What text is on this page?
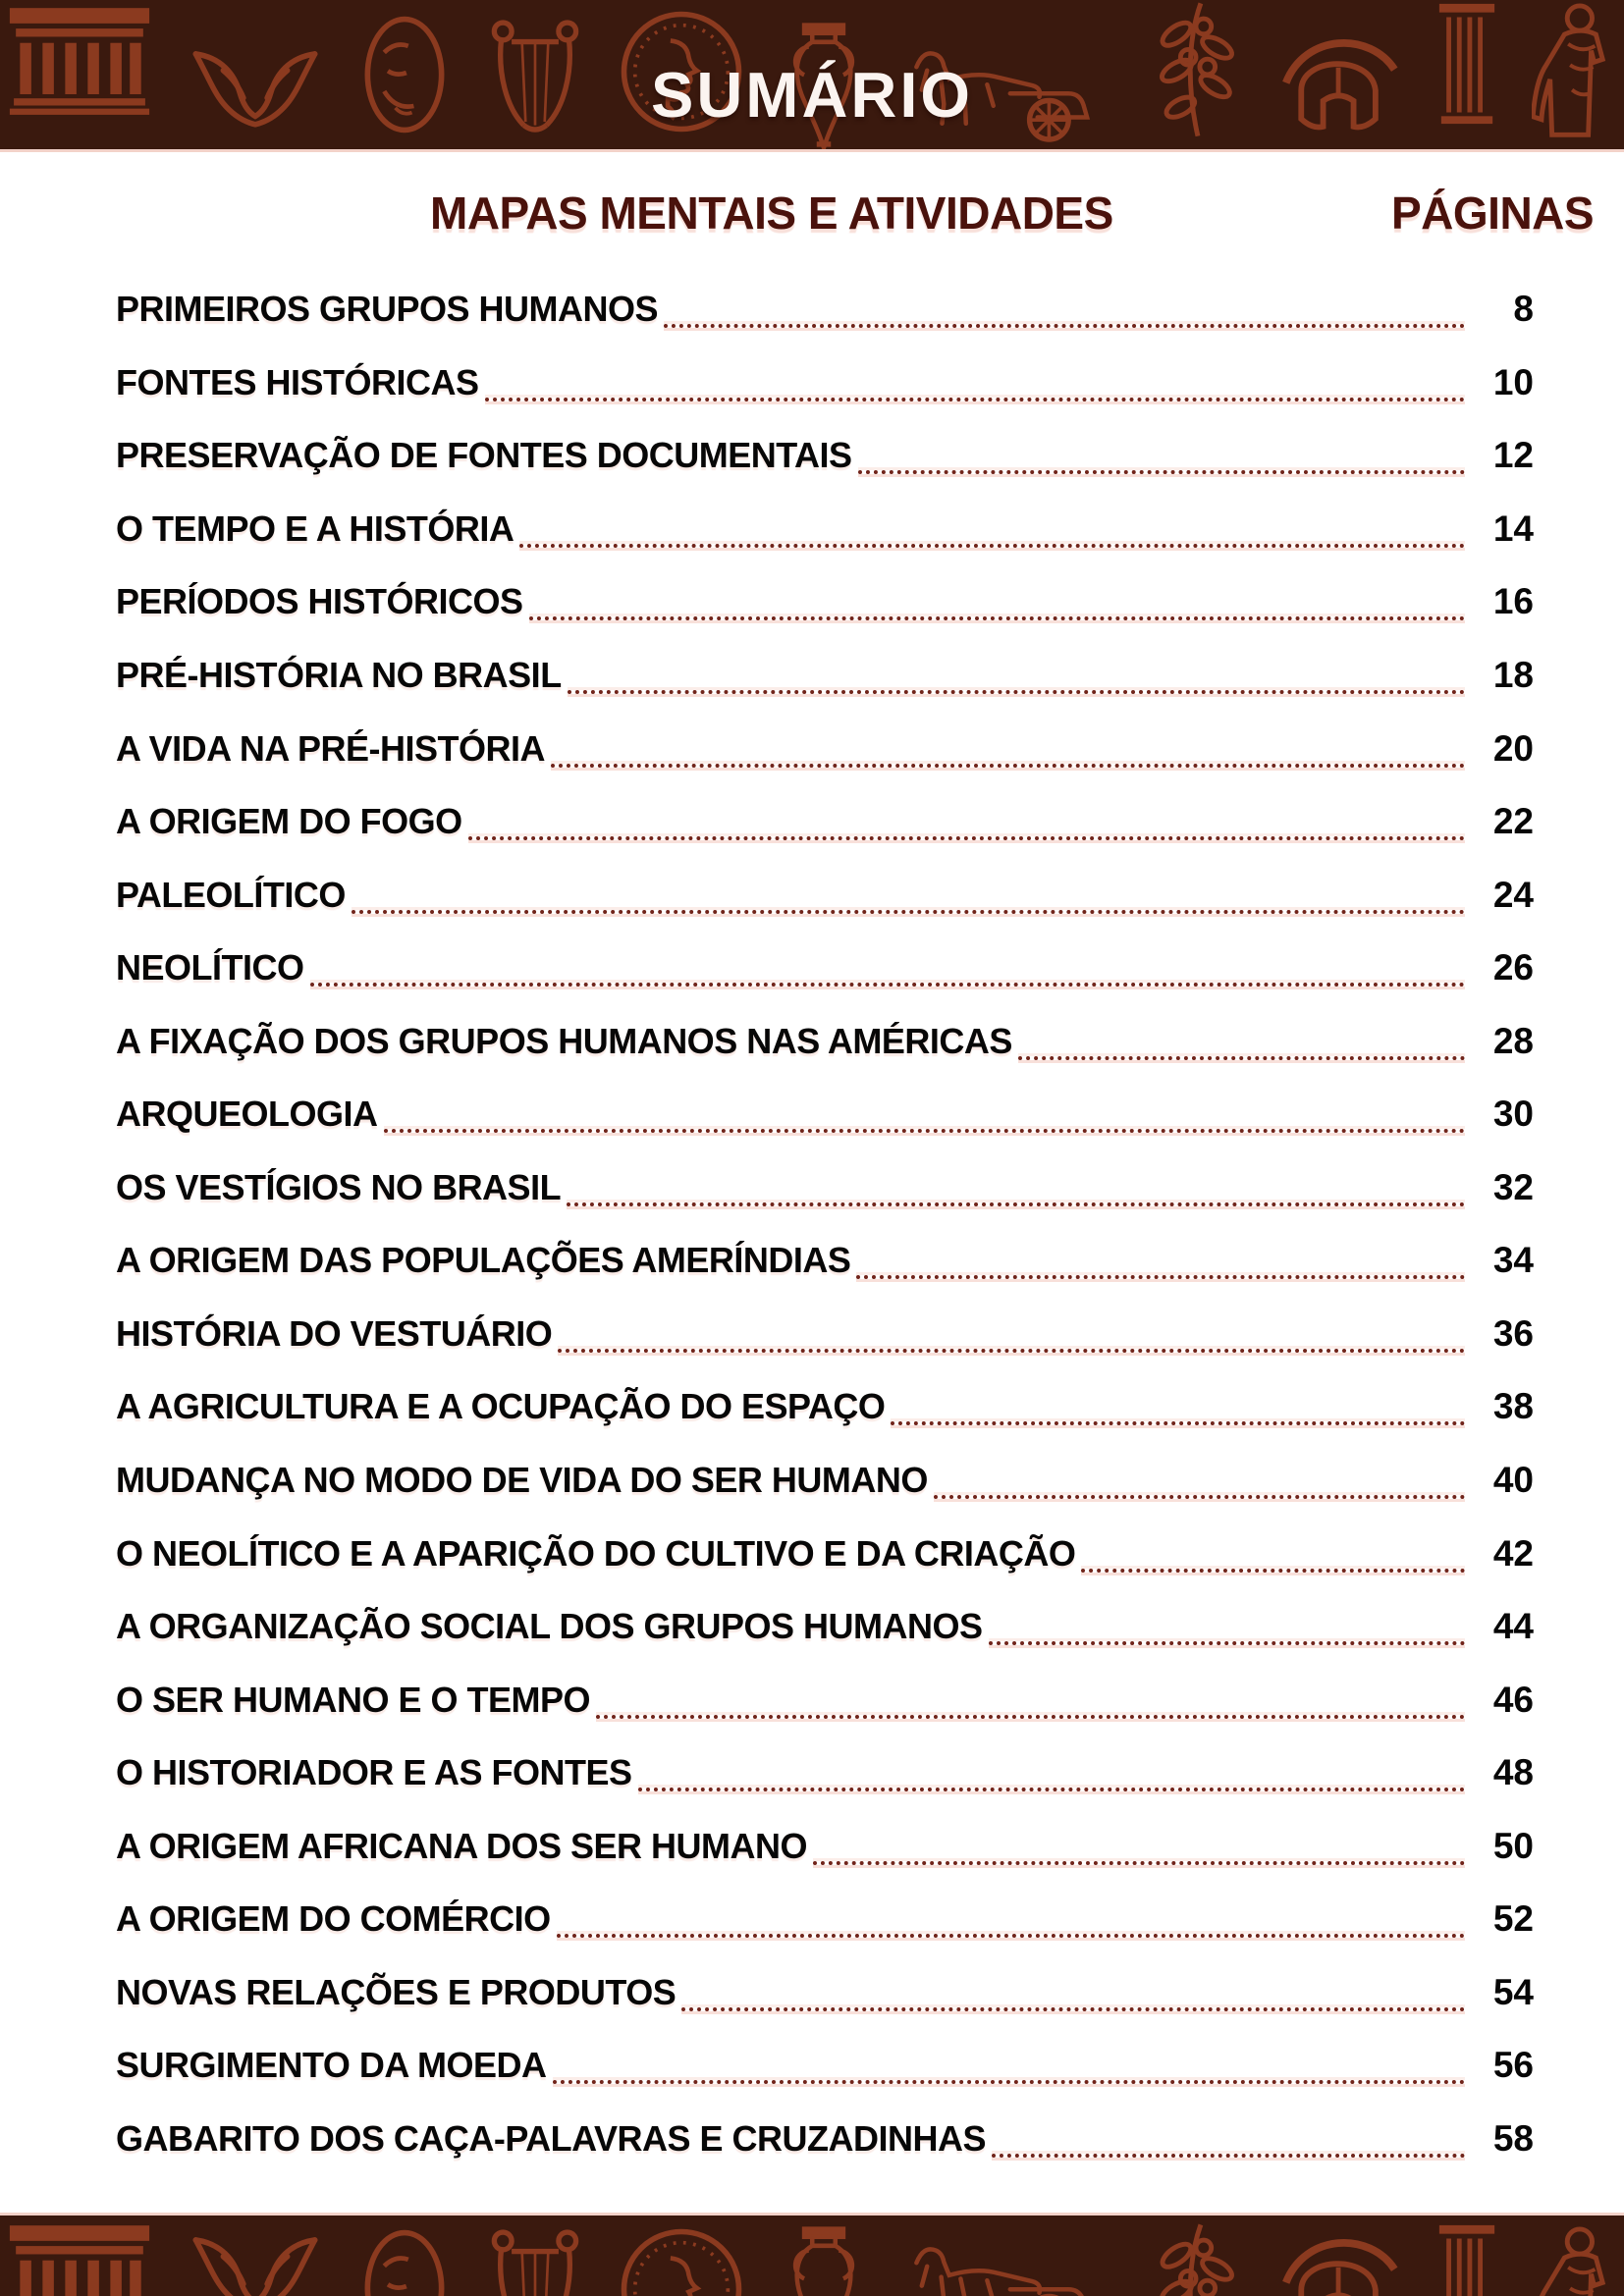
SUMÁRIO
MAPAS MENTAIS E ATIVIDADES	PÁGINAS
PRIMEIROS GRUPOS HUMANOS	8
FONTES HISTÓRICAS	10
PRESERVAÇÃO DE FONTES DOCUMENTAIS	12
O TEMPO E A HISTÓRIA	14
PERÍODOS HISTÓRICOS	16
PRÉ-HISTÓRIA NO BRASIL	18
A VIDA NA PRÉ-HISTÓRIA	20
A ORIGEM DO FOGO	22
PALEOLÍTICO	24
NEOLÍTICO	26
A FIXAÇÃO DOS GRUPOS HUMANOS NAS AMÉRICAS	28
ARQUEOLOGIA	30
OS VESTÍGIOS NO BRASIL	32
A ORIGEM DAS POPULAÇÕES AMERÍNDIAS	34
HISTÓRIA DO VESTUÁRIO	36
A AGRICULTURA E A OCUPAÇÃO DO ESPAÇO	38
MUDANÇA NO MODO DE VIDA DO SER HUMANO	40
O NEOLÍTICO E A APARIÇÃO DO CULTIVO E DA CRIAÇÃO	42
A ORGANIZAÇÃO SOCIAL DOS GRUPOS HUMANOS	44
O SER HUMANO E O TEMPO	46
O HISTORIADOR E AS FONTES	48
A ORIGEM AFRICANA DOS SER HUMANO	50
A ORIGEM DO COMÉRCIO	52
NOVAS RELAÇÕES E PRODUTOS	54
SURGIMENTO DA MOEDA	56
GABARITO DOS CAÇA-PALAVRAS E CRUZADINHAS	58
